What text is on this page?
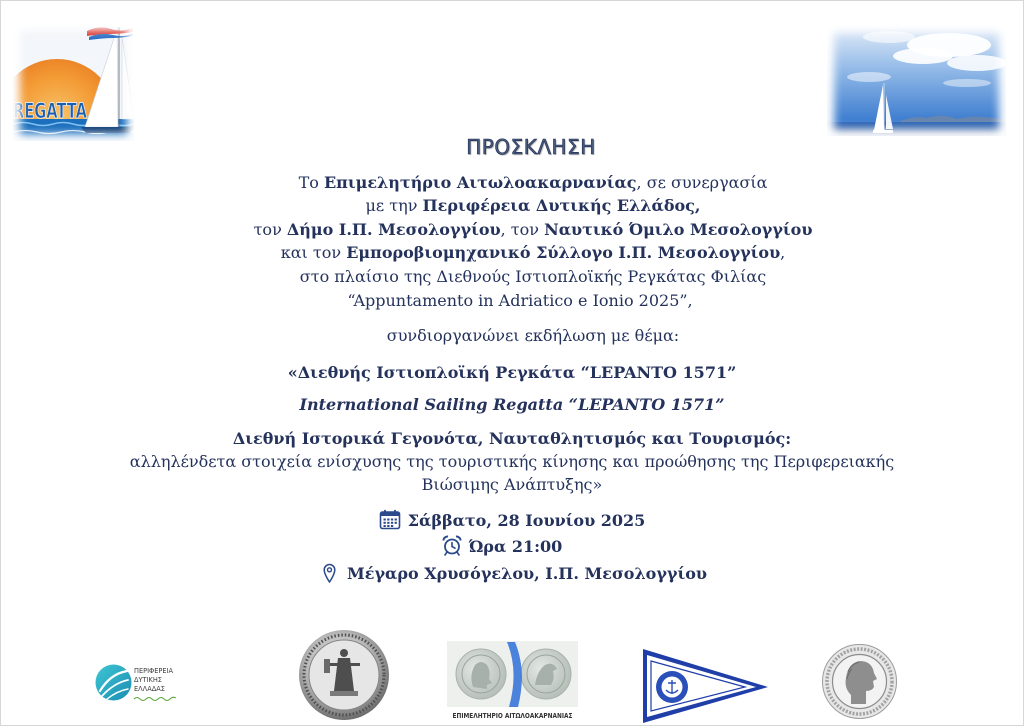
REGATTA
ΠΡΟΣΚΛΗΣΗ
Το Επιμελητήριο Αιτωλοακαρνανίας, σε συνεργασία
με την Περιφέρεια Δυτικής Ελλάδος,
τον Δήμο Ι.Π. Μεσολογγίου, τον Ναυτικό Όμιλο Μεσολογγίου
και τον Εμποροβιομηχανικό Σύλλογο Ι.Π. Μεσολογγίου,
στο πλαίσιο της Διεθνούς Ιστιοπλοϊκής Ρεγκάτας Φιλίας
“Appuntamento in Adriatico e Ionio 2025”,
συνδιοργανώνει εκδήλωση με θέμα:
«Διεθνής Ιστιοπλοϊκή Ρεγκάτα “LEPANTO 1571”
International Sailing Regatta “LEPANTO 1571”
Διεθνή Ιστορικά Γεγονότα, Ναυταθλητισμός και Τουρισμός:
αλληλένδετα στοιχεία ενίσχυσης της τουριστικής κίνησης και προώθησης της Περιφερειακής
Βιώσιμης Ανάπτυξης»
Σάββατο, 28 Ιουνίου 2025
Ώρα 21:00
Μέγαρο Χρυσόγελου, Ι.Π. Μεσολογγίου
ΠΕΡΙΦΕΡΕΙΑ
ΔΥΤΙΚΗΣ
ΕΛΛΑΔΑΣ
ΕΠΙΜΕΛΗΤΗΡΙΟ ΑΙΤΩΛΟΑΚΑΡΝΑΝΙΑΣ
